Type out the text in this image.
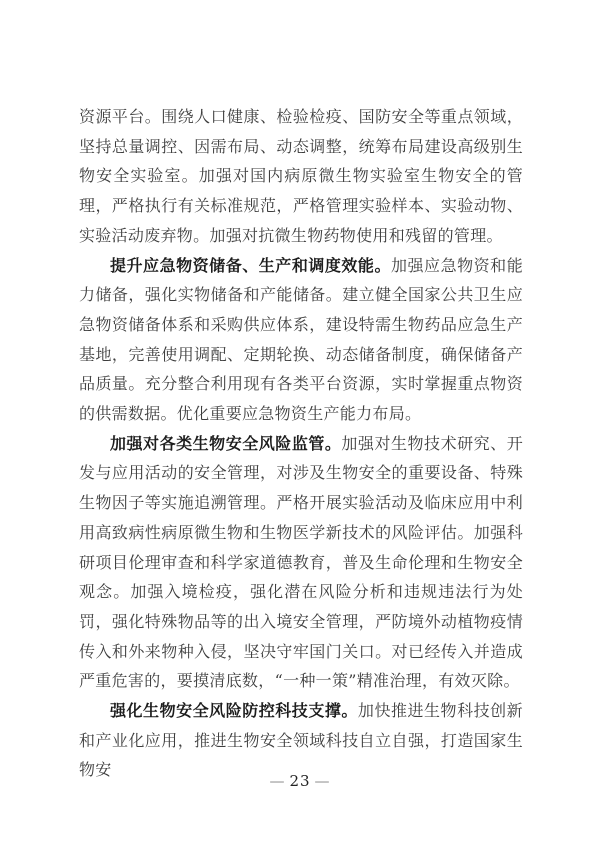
资源平台。围绕人口健康、检验检疫、国防安全等重点领域，坚持总量调控、因需布局、动态调整，统筹布局建设高级别生物安全实验室。加强对国内病原微生物实验室生物安全的管理，严格执行有关标准规范，严格管理实验样本、实验动物、实验活动废弃物。加强对抗微生物药物使用和残留的管理。

提升应急物资储备、生产和调度效能。加强应急物资和能力储备，强化实物储备和产能储备。建立健全国家公共卫生应急物资储备体系和采购供应体系，建设特需生物药品应急生产基地，完善使用调配、定期轮换、动态储备制度，确保储备产品质量。充分整合利用现有各类平台资源，实时掌握重点物资的供需数据。优化重要应急物资生产能力布局。

加强对各类生物安全风险监管。加强对生物技术研究、开发与应用活动的安全管理，对涉及生物安全的重要设备、特殊生物因子等实施追溯管理。严格开展实验活动及临床应用中利用高致病性病原微生物和生物医学新技术的风险评估。加强科研项目伦理审查和科学家道德教育，普及生命伦理和生物安全观念。加强入境检疫，强化潜在风险分析和违规违法行为处罚，强化特殊物品等的出入境安全管理，严防境外动植物疫情传入和外来物种入侵，坚决守牢国门关口。对已经传入并造成严重危害的，要摸清底数，“一种一策”精准治理，有效灭除。

强化生物安全风险防控科技支撑。加快推进生物科技创新和产业化应用，推进生物安全领域科技自立自强，打造国家生物安

— 23 —
